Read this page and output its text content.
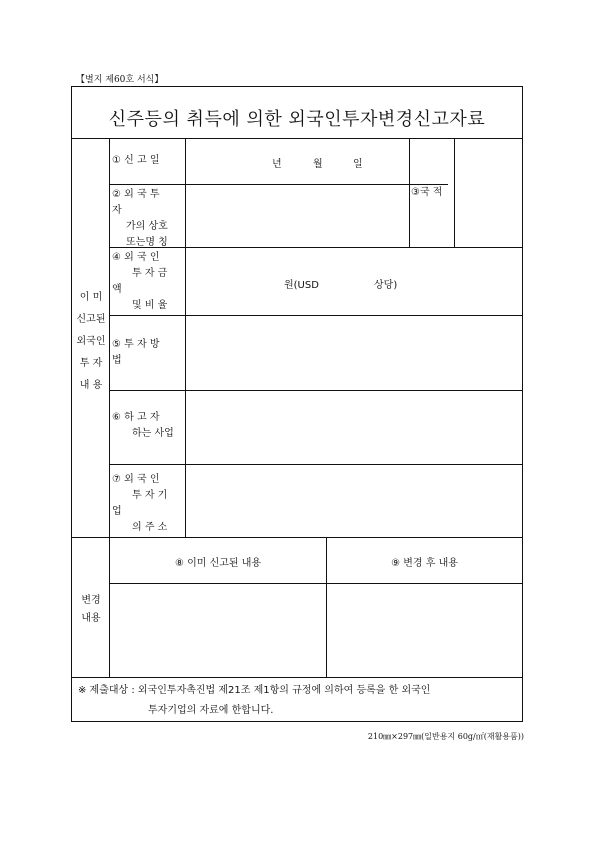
【별지 제60호 서식】
신주등의 취득에 의한 외국인투자변경신고자료
이 미
신고된
외국인
투 자
내 용
① 신 고 일	년	월	일
③국 적
② 외 국 투
자
가의 상호
또는명 칭
④ 외 국 인
투 자 금
액
및 비 율
원(USD	상당)
⑤ 투 자 방
법
⑥ 하 고 자
하는 사업
⑦ 외 국 인
투 자 기
업
의 주 소
변경
내용
⑧ 이미 신고된 내용	⑨ 변경 후 내용
※ 제출대상 : 외국인투자촉진법 제21조 제1항의 규정에 의하여 등록을 한 외국인
투자기업의 자료에 한합니다.
210㎜×297㎜(일반용지 60g/㎡(재활용품))
